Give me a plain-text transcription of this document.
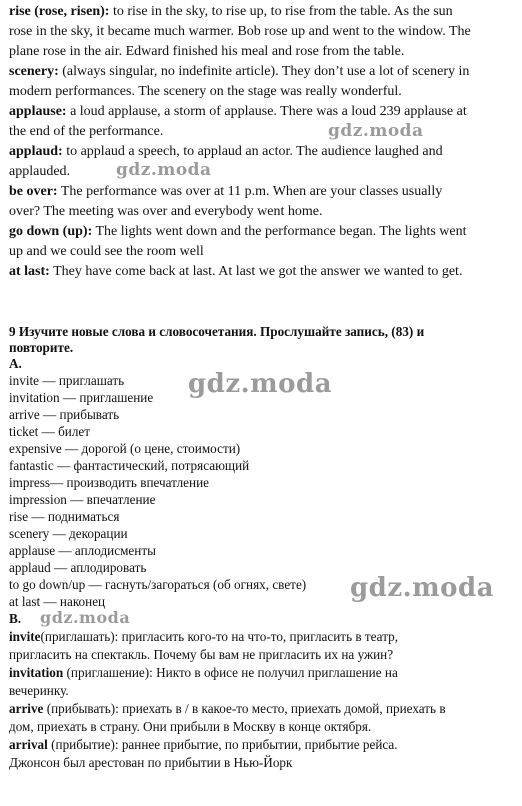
rise (rose, risen): to rise in the sky, to rise up, to rise from the table. As the sun
rose in the sky, it became much warmer. Bob rose up and went to the window. The
plane rose in the air. Edward finished his meal and rose from the table.
scenery: (always singular, no indefinite article). They don’t use a lot of scenery in
modern performances. The scenery on the stage was really wonderful.
applause: a loud applause, a storm of applause. There was a loud 239 applause at
the end of the performance.
applaud: to applaud a speech, to applaud an actor. The audience laughed and
applauded.
be over: The performance was over at 11 p.m. When are your classes usually
over? The meeting was over and everybody went home.
go down (up): The lights went down and the performance began. The lights went
up and we could see the room well
at last: They have come back at last. At last we got the answer we wanted to get.
9 Изучите новые слова и словосочетания. Прослушайте запись, (83) и
повторите.
А.
invite — приглашать
invitation — приглашение
arrive — прибывать
ticket — билет
expensive — дорогой (о цене, стоимости)
fantastic — фантастический, потрясающий
impress— производить впечатление
impression — впечатление
rise — подниматься
scenery — декорации
applause — аплодисменты
applaud — аплодировать
to go down/up — гаснуть/загораться (об огнях, свете)
at last — наконец
В.
invite(приглашать): пригласить кого-то на что-то, пригласить в театр,
пригласить на спектакль. Почему бы вам не пригласить их на ужин?
invitation (приглашение): Никто в офисе не получил приглашение на
вечеринку.
arrive (прибывать): приехать в / в какое-то место, приехать домой, приехать в
дом, приехать в страну. Они прибыли в Москву в конце октября.
arrival (прибытие): раннее прибытие, по прибытии, прибытие рейса.
Джонсон был арестован по прибытии в Нью-Йорк
gdz.moda
gdz.moda
gdz.moda
gdz.moda
gdz.moda
